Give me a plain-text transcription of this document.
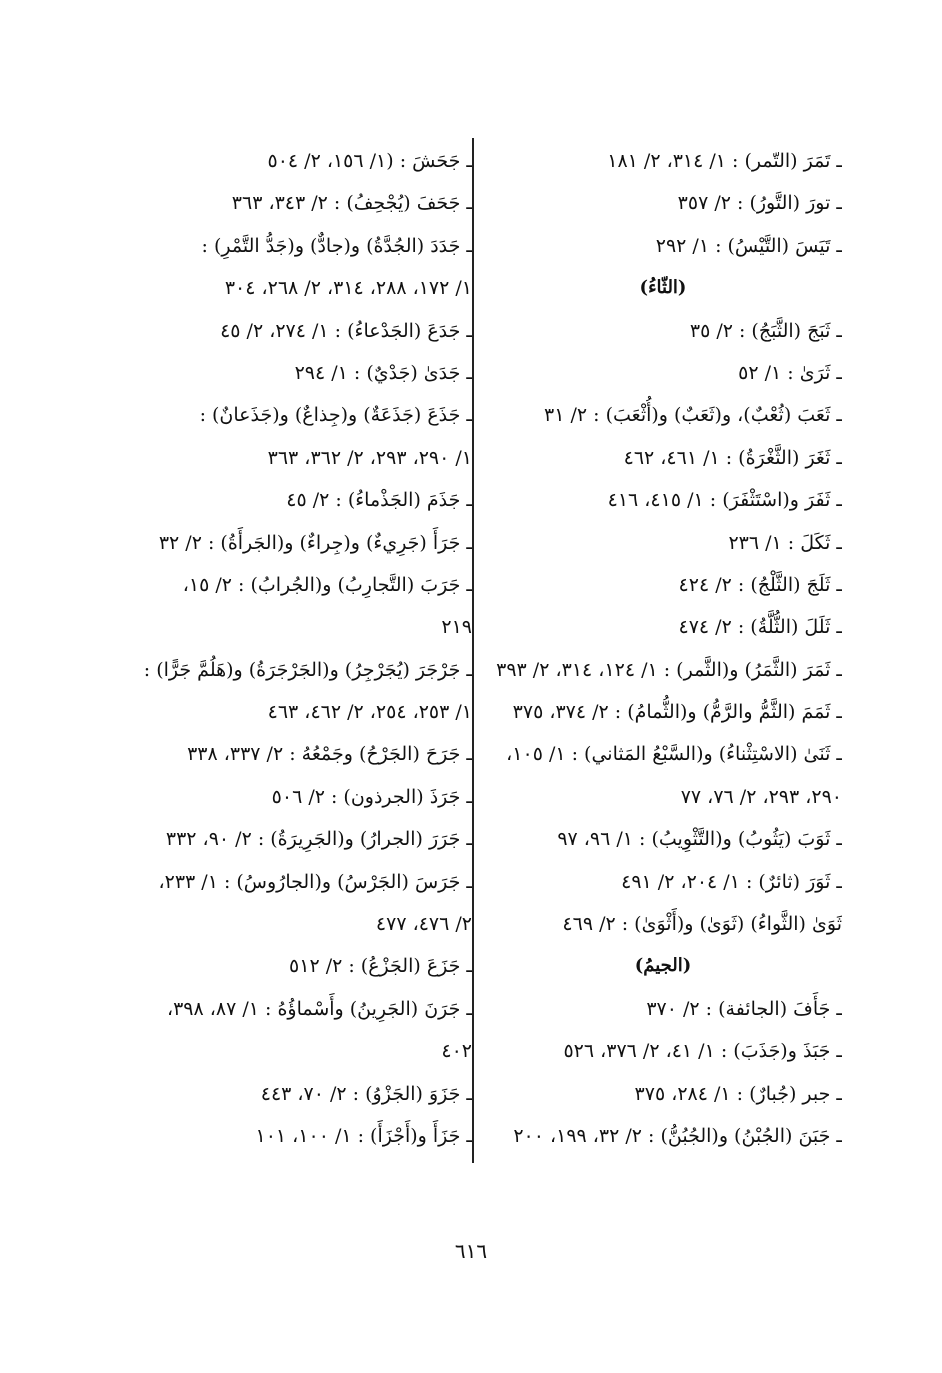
ـ تَمَرَ (التّمر) : ١/ ٣١٤، ٢/ ١٨١
ـ تورَ (التَّورُ) : ٢/ ٣٥٧
ـ تَيَسَ (التَّيْسُ) : ١/ ٢٩٢
(الثّاءُ)
ـ ثَبَجَ (الثَّبَجُ) : ٢/ ٣٥
ـ ثَرَىٰ : ١/ ٥٢
ـ ثَعَبَ (ثُعْبٌ)، و(ثَعَبٌ) و(أُثْعَبَ) : ٢/ ٣١
ـ ثَغَرَ (الثَّغْرَةُ) : ١/ ٤٦١، ٤٦٢
ـ ثَفَرَ و(اسْتَثْفَرَ) : ١/ ٤١٥، ٤١٦
ـ ثَكَلَ : ١/ ٢٣٦
ـ ثَلَجَ (الثَّلْجُ) : ٢/ ٤٢٤
ـ ثَلَلَ (الثُّلَّةُ) : ٢/ ٤٧٤
ـ ثَمَرَ (الثَّمَرُ) و(الثَّمر) : ١/ ١٢٤، ٣١٤، ٢/ ٣٩٣
ـ ثَمَمَ (الثَّمُّ والرَّمُّ) و(الثُّمامُ) : ٢/ ٣٧٤، ٣٧٥
ـ ثَنَىٰ (الاسْتِثْناءُ) و(السَّبْعُ المَثاني) : ١/ ١٠٥،
٢٩٠، ٢٩٣، ٢/ ٧٦، ٧٧
ـ ثَوَبَ (يَثُوبُ) و(التَّثْوِيبُ) : ١/ ٩٦، ٩٧
ـ ثَوَرَ (ثائرٌ) : ١/ ٢٠٤، ٢/ ٤٩١
ثَوَىٰ (الثَّواءُ) (ثَوَىٰ) و(أَثْوَىٰ) : ٢/ ٤٦٩
(الجيمُ)
ـ جَأَفَ (الجائفة) : ٢/ ٣٧٠
ـ جَبَذَ و(جَذَبَ) : ١/ ٤١، ٢/ ٣٧٦، ٥٢٦
ـ جبر (جُبارٌ) : ١/ ٢٨٤، ٣٧٥
ـ جَبَنَ (الجُبْنُ) و(الجُبُنُّ) : ٢/ ٣٢، ١٩٩، ٢٠٠
ـ جَحَشَ : (١/ ١٥٦، ٢/ ٥٠٤
ـ جَحَفَ (يُجْحِفُ) : ٢/ ٣٤٣، ٣٦٣
ـ جَدَدَ (الجُدَّةُ) و(جادٌّ) و(جَدُّ التَّمْرِ) :
١/ ١٧٢، ٢٨٨، ٣١٤، ٢/ ٢٦٨، ٣٠٤
ـ جَدَعَ (الجَدْعاءُ) : ١/ ٢٧٤، ٢/ ٤٥
ـ جَدَىٰ (جَدْيٌ) : ١/ ٢٩٤
ـ جَذَعَ (جَذَعَةٌ) و(جِذاعٌ) و(جَذَعانٌ) :
١/ ٢٩٠، ٢٩٣، ٢/ ٣٦٢، ٣٦٣
ـ جَذَمَ (الجَذْماءُ) : ٢/ ٤٥
ـ جَرَأَ (جَرِيءٌ) و(جِراءٌ) و(الجَرأَةُ) : ٢/ ٣٢
ـ جَرَبَ (التَّجارِبُ) و(الجُرابُ) : ٢/ ١٥،
٢١٩
ـ جَرْجَرَ (يُجَرْجِرُ) و(الجَرْجَرَةُ) و(هَلُمَّ جَرًّا) :
١/ ٢٥٣، ٢٥٤، ٢/ ٤٦٢، ٤٦٣
ـ جَرَحَ (الجَرْحُ) وجَمْعُهُ : ٢/ ٣٣٧، ٣٣٨
ـ جَرَذَ (الجرذون) : ٢/ ٥٠٦
ـ جَرَرَ (الجرارُ) و(الجَرِيرَةُ) : ٢/ ٩٠، ٣٣٢
ـ جَرَسَ (الجَرْسُ) و(الجارُوسُ) : ١/ ٢٣٣،
٢/ ٤٧٦، ٤٧٧
ـ جَزَعَ (الجَزْعُ) : ٢/ ٥١٢
ـ جَرَنَ (الجَرِينُ) وأَسْماؤُهُ : ١/ ٨٧، ٣٩٨،
٤٠٢
ـ جَزَوَ (الجَزْوُ) : ٢/ ٧٠، ٤٤٣
ـ جَزَأَ و(أَجْزَأَ) : ١/ ١٠٠، ١٠١
٦١٦
